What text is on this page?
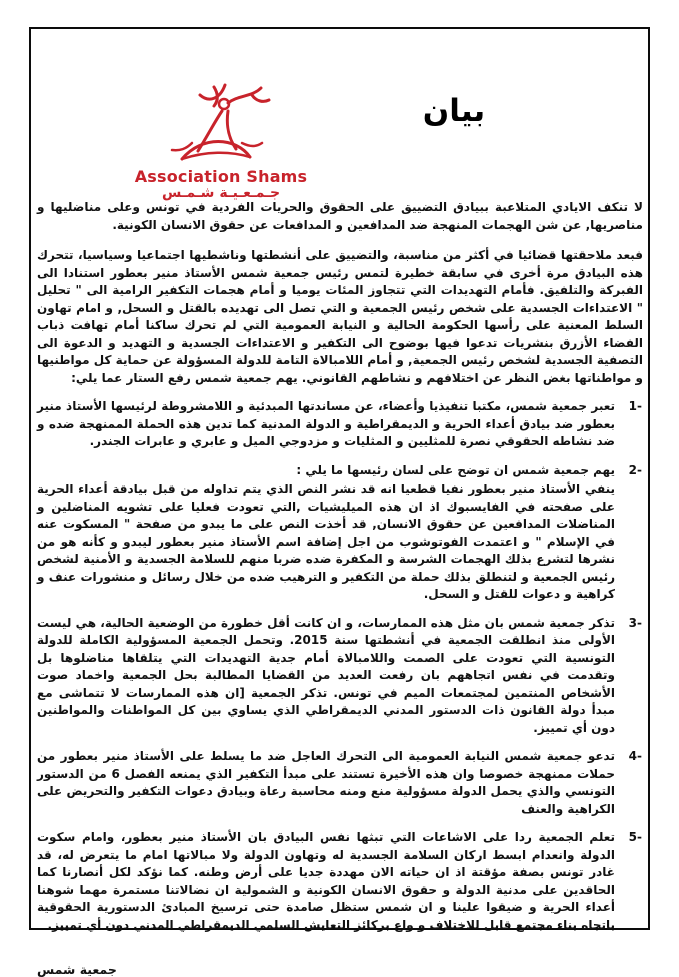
Association Shams
جـمـعـيـة شـمـس
بيان

لا تنكف الايادي المتلاعبة ببيادق التضييق على الحقوق والحريات الفردية في تونس وعلى مناضليها و مناصريها, عن شن الهجمات المنهجة ضد المدافعين و المدافعات عن حقوق الانسان الكونية.

فبعد ملاحقتها قضائيا في أكثر من مناسبة، والتضييق على أنشطتها وناشطيها اجتماعيا وسياسيا، تتحرك هذه البيادق مرة أخرى في سابقة خطيرة لتمس رئيس جمعية شمس الأستاذ منير بعطور استنادا الى الفبركة والتلفيق. فأمام التهديدات التي تتجاوز المئات يوميا و أمام هجمات التكفير الرامية الى " تحليل " الاعتداءات الجسدية على شخص رئيس الجمعية و التي تصل الى تهديده بالقتل و السحل, و امام تهاون السلط المعنية على رأسها الحكومة الحالية و النيابة العمومية التي لم تحرك ساكنا أمام تهافت ذباب الفضاء الأزرق بنشريات تدعوا فيها بوضوح الى التكفير و الاعتداءات الجسدية و التهديد و الدعوة الى التصفية الجسدية لشخص رئيس الجمعية, و أمام اللامبالاة التامة للدولة المسؤولة عن حماية كل مواطنيها و مواطناتها بغض النظر عن اختلافهم و نشاطهم القانوني. يهم جمعية شمس رفع الستار عما يلي:

1-
تعبر جمعية شمس، مكتبا تنفيذيا وأعضاء، عن مساندتها المبدئية و اللامشروطة لرئيسها الأستاذ منير بعطور ضد بيادق أعداء الحرية و الديمقراطية و الدولة المدنية كما تدين هذه الحملة الممنهجة ضده و ضد نشاطه الحقوقي نصرة للمثليين و المثليات و مزدوجي الميل و عابري و عابرات الجندر.
2-
يهم جمعية شمس ان توضح على لسان رئيسها ما يلي :
ينفي الأستاذ منير بعطور نفيا قطعيا انه قد نشر النص الذي يتم تداوله من قبل بيادقة أعداء الحرية على صفحته في الفايسبوك اذ ان هذه الميليشيات ,التي تعودت فعليا على تشويه المناضلين و المناضلات المدافعين عن حقوق الانسان, قد أخذت النص على ما يبدو من صفحة " المسكوت عنه في الإسلام " و اعتمدت الفوتوشوب من اجل إضافة اسم الأستاذ منير بعطور ليبدو و كأنه هو من نشرها لتشرع بذلك الهجمات الشرسة و المكفرة ضده ضربا منهم للسلامة الجسدية و الأمنية لشخص رئيس الجمعية و لتنطلق بذلك حملة من التكفير و الترهيب ضده من خلال رسائل و منشورات عنف و كراهية و دعوات للقتل و السحل.
3-
تذكر جمعية شمس بان مثل هذه الممارسات، و ان كانت أقل خطورة من الوضعية الحالية، هي ليست الأولى منذ انطلقت الجمعية في أنشطتها سنة 2015. وتحمل الجمعية المسؤولية الكاملة للدولة التونسية التي تعودت على الصمت واللامبالاة أمام جدية التهديدات التي يتلقاها مناضلوها بل وتقدمت في نفس اتجاههم بان رفعت العديد من القضايا المطالبة بحل الجمعية واخماد صوت الأشخاص المنتمين لمجتمعات الميم في تونس. تذكر الجمعية [ان هذه الممارسات لا تتماشى مع مبدأ دولة القانون ذات الدستور المدني الديمقراطي الذي يساوي بين كل المواطنات والمواطنين دون أي تمييز.
4-
تدعو جمعية شمس النيابة العمومية الى التحرك العاجل ضد ما يسلط على الأستاذ منير بعطور من حملات ممنهجة خصوصا وان هذه الأخيرة تستند على مبدأ التكفير الذي يمنعه الفصل 6 من الدستور التونسي والذي يحمل الدولة مسؤولية منع ومنه محاسبة رعاة وبيادق دعوات التكفير والتحريض على الكراهية والعنف
5-
تعلم الجمعية ردا على الاشاعات التي تبثها نفس البيادق بان الأستاذ منير بعطور، وامام سكوت الدولة وانعدام ابسط اركان السلامة الجسدية له وتهاون الدولة ولا مبالاتها امام ما يتعرض له، قد غادر تونس بصفة مؤقتة اذ ان حياته الان مهددة جديا على أرض وطنه. كما نؤكد لكل أنصارنا كما الحاقدين على مدنية الدولة و حقوق الانسان الكونية و الشمولية ان نضالاتنا مستمرة مهما شوهنا أعداء الحرية و ضيقوا علينا و ان شمس ستظل صامدة حتى ترسيخ المبادئ الدستورية الحقوقية باتجاه بناء مجتمع قابل للاختلاف و واع بركائز التعايش السلمي الديمقراطي المدني دون أي تمييز.
جمعية شمس
